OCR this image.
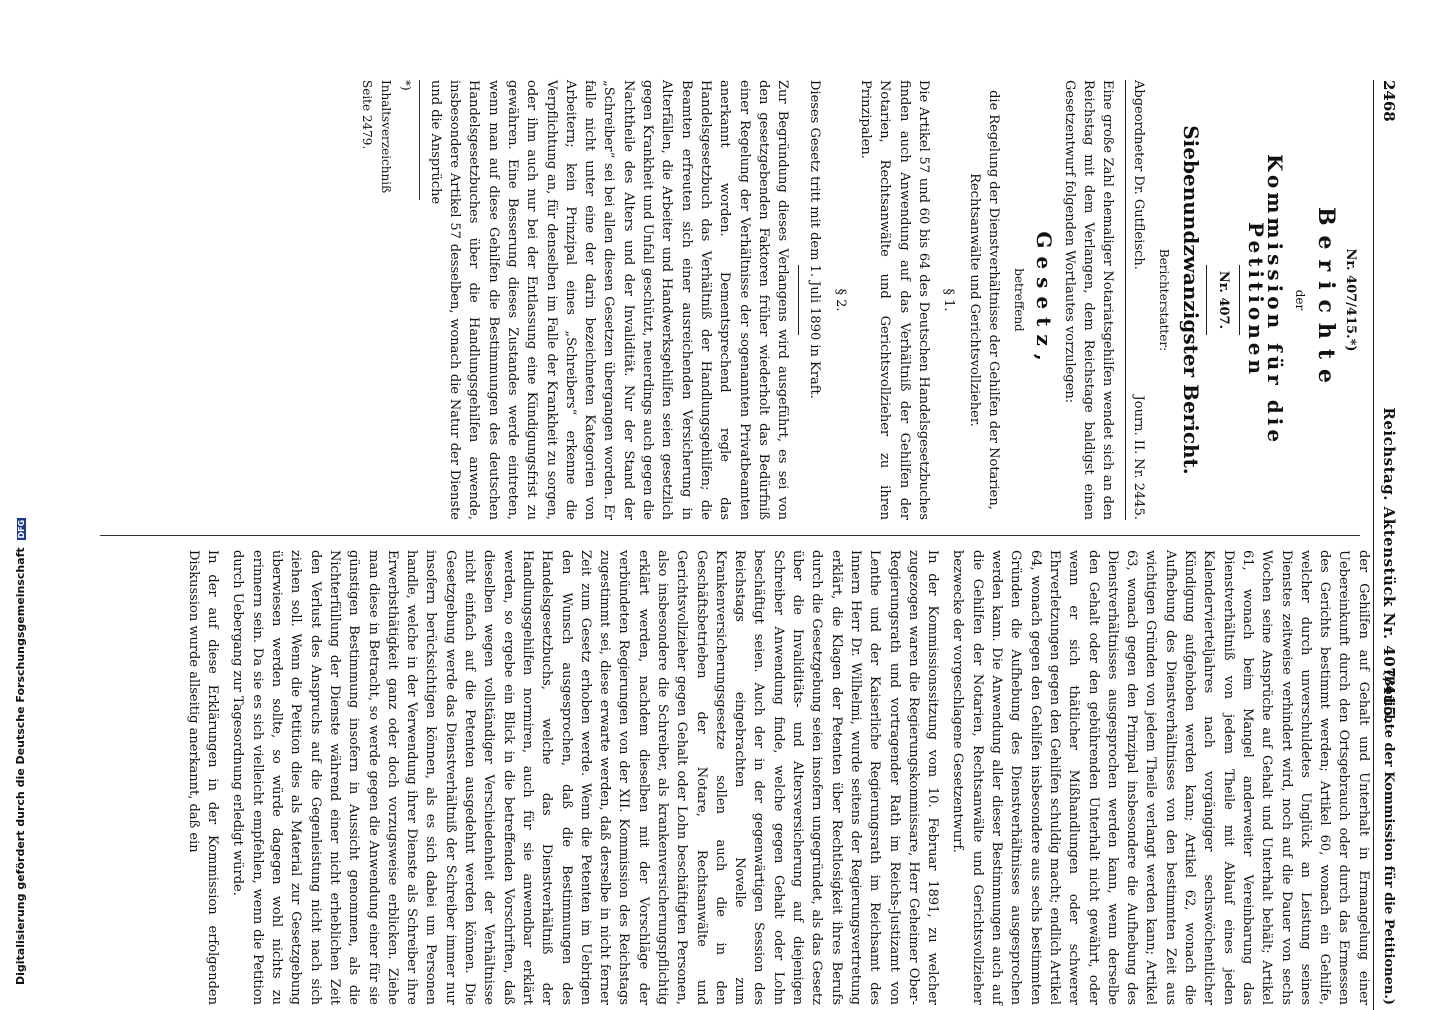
2468
Reichstag. Aktenstück Nr. 407/415.

Nr. 407/415.*)

Berichte

der

Kommission für die Petitionen

Nr. 407.

Siebenundzwanzigster Bericht.

Berichterstatter:

Abgeordneter Dr. Gutfleisch.
Journ. II. Nr. 2445.

Eine große Zahl ehemaliger Notariatsgehilfen wendet sich an den Reichstag mit dem Verlangen, dem Reichstage baldigst einen Gesetzentwurf folgenden Wortlautes vorzulegen:

Gesetz,

betreffend

die Regelung der Dienstverhältnisse der Gehilfen der Notarien, Rechtsanwälte und Gerichtsvollzieher.

§ 1.

Die Artikel 57 und 60 bis 64 des Deutschen Handelsgesetzbuches finden auch Anwendung auf das Verhältniß der Gehilfen der Notarien, Rechtsanwälte und Gerichtsvollzieher zu ihren Prinzipalen.

§ 2.

Dieses Gesetz tritt mit dem 1. Juli 1890 in Kraft.

Zur Begründung dieses Verlangens wird ausgeführt, es sei von den gesetzgebenden Faktoren früher wiederholt das Bedürfniß einer Regelung der Verhältnisse der sogenannten Privatbeamten anerkannt worden. Dementsprechend regle das Handelsgesetzbuch das Verhältniß der Handlungsgehilfen; die Beamten erfreuten sich einer ausreichenden Versicherung in Alterfällen, die Arbeiter und Handwerksgehilfen seien gesetzlich gegen Krankheit und Unfall geschützt, neuerdings auch gegen die Nachtheile des Alters und der Invalidität. Nur der Stand der „Schreiber“ sei bei allen diesen Gesetzen übergangen worden. Er falle nicht unter eine der darin bezeichneten Kategorien von Arbeitern; kein Prinzipal eines „Schreibers“ erkenne die Verpflichtung an, für denselben im Falle der Krankheit zu sorgen, oder ihm auch nur bei der Entlassung eine Kündigungsfrist zu gewähren. Eine Besserung dieses Zustandes werde eintreten, wenn man auf diese Gehilfen die Bestimmungen des deutschen Handelsgesetzbuches über die Handlungsgehilfen anwende, insbesondere Artikel 57 desselben, wonach die Natur der Dienste und die Ansprüche

*) Inhaltsverzeichniß Seite 2479.

(Berichte der Kommission für die Petitionen.)

der Gehilfen auf Gehalt und Unterhalt in Ermangelung einer Uebereinkunft durch den Ortsgebrauch oder durch das Ermessen des Gerichts bestimmt werden; Artikel 60, wonach ein Gehilfe, welcher durch unverschuldetes Unglück an Leistung seines Dienstes zeitweise verhindert wird, noch auf die Dauer von sechs Wochen seine Ansprüche auf Gehalt und Unterhalt behält; Artikel 61, wonach beim Mangel anderweiter Vereinbarung das Dienstverhältniß von jedem Theile mit Ablauf eines jeden Kalendervierteljahres nach vorgängiger sechswöchentlicher Kündigung aufgehoben werden kann; Artikel 62, wonach die Aufhebung des Dienstverhältnisses von den bestimmten Zeit aus wichtigen Gründen von jedem Theile verlangt werden kann; Artikel 63, wonach gegen den Prinzipal insbesondere die Aufhebung des Dienstverhältnisses ausgesprochen werden kann, wenn derselbe den Gehalt oder den gebührenden Unterhalt nicht gewährt, oder wenn er sich thätlicher Mißhandlungen oder schwerer Ehrverletzungen gegen den Gehilfen schuldig macht; endlich Artikel 64, wonach gegen den Gehilfen insbesondere aus sechs bestimmten Gründen die Aufhebung des Dienstverhältnisses ausgesprochen werden kann. Die Anwendung aller dieser Bestimmungen auch auf die Gehilfen der Notarien, Rechtsanwälte und Gerichtsvollzieher bezwecke der vorgeschlagene Gesetzentwurf.

In der Kommissionssitzung vom 10. Februar 1891, zu welcher zugezogen waren die Regierungskommissare, Herr Geheimer Ober-Regierungsrath und vortragender Rath im Reichs-Justizamt von Lenthe und der Kaiserliche Regierungsrath im Reichsamt des Innern Herr Dr. Wilhelmi, wurde seitens der Regierungsvertretung erklärt, die Klagen der Petenten über Rechtlosigkeit ihres Berufs durch die Gesetzgebung seien insofern ungegründet, als das Gesetz über die Invaliditäts- und Altersversicherung auf diejenigen Schreiber Anwendung finde, welche gegen Gehalt oder Lohn beschäftigt seien. Auch der in der gegenwärtigen Session des Reichstags eingebrachten Novelle zum Krankenversicherungsgesetze sollen auch die in den Geschäftsbetrieben der Notare, Rechtsanwälte und Gerichtsvollzieher gegen Gehalt oder Lohn beschäftigten Personen, also insbesondere die Schreiber, als krankenversicherungspflichtig erklärt werden, nachdem dieselben mit der Vorschläge der verbündeten Regierungen von der XII. Kommission des Reichstags zugestimmt sei, diese erwarte werden, daß derselbe in nicht ferner Zeit zum Gesetz erhoben werde. Wenn die Petenten im Uebrigen den Wunsch ausgesprochen, daß die Bestimmungen des Handelsgesetzbuchs, welche das Dienstverhältniß der Handlungsgehilfen normiren, auch für sie anwendbar erklärt werden, so ergebe ein Blick in die betreffenden Vorschriften, daß dieselben wegen vollständiger Verschiedenheit der Verhältnisse nicht einfach auf die Petenten ausgedehnt werden können. Die Gesetzgebung werde das Dienstverhältniß der Schreiber immer nur insofern berücksichtigen können, als es sich dabei um Personen handle, welche in der Verwendung ihrer Dienste als Schreiber ihre Erwerbsthätigkeit ganz oder doch vorzugsweise erblicken. Ziehe man diese in Betracht, so werde gegen die Anwendung einer für sie günstigen Bestimmung insofern in Aussicht genommen, als die Nichterfüllung der Dienste während einer nicht erheblichen Zeit den Verlust des Anspruchs auf die Gegenleistung nicht nach sich ziehen soll. Wenn die Petition dies als Material zur Gesetzgebung überwiesen werden sollte, so würde dagegen wohl nichts zu erinnern sein. Da sie es sich vielleicht empfehlen, wenn die Petition durch Uebergang zur Tagesordnung erledigt würde.

In der auf diese Erklärungen in der Kommission erfolgenden Diskussion wurde allseitig anerkannt, daß ein

Digitalisierung gefördert durch die Deutsche Forschungsgemeinschaft DFG
